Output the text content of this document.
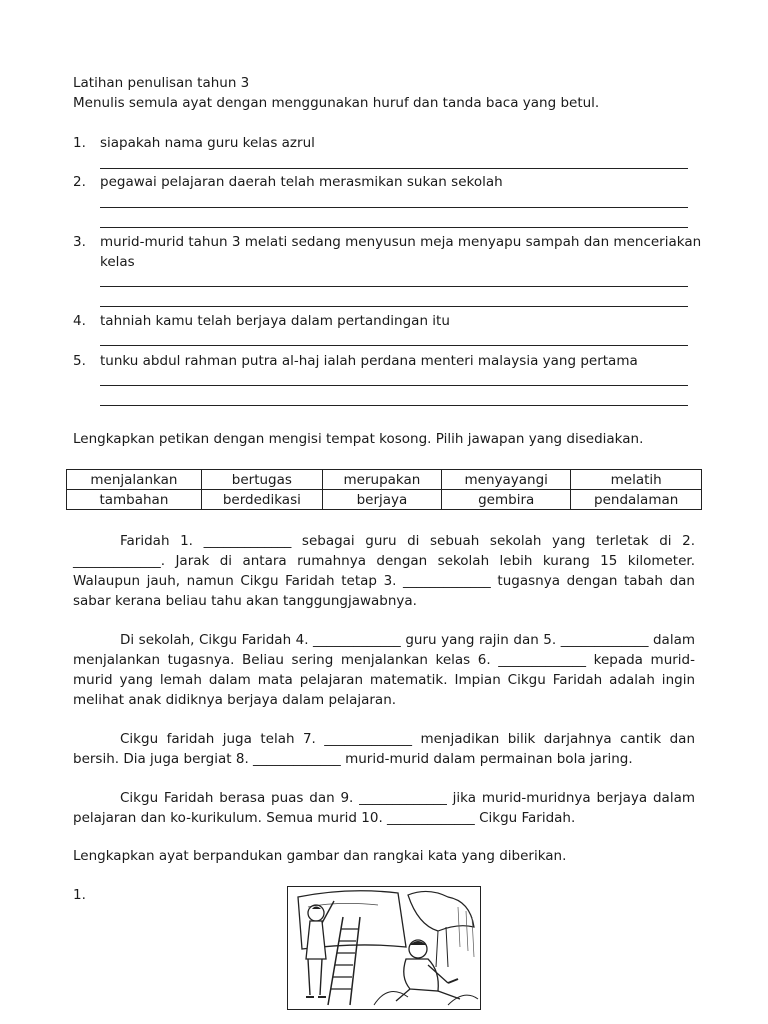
Latihan penulisan tahun 3
Menulis semula ayat dengan menggunakan huruf dan tanda baca yang betul.
1. siapakah nama guru kelas azrul
2. pegawai pelajaran daerah telah merasmikan sukan sekolah
3. murid-murid tahun 3 melati sedang menyusun meja menyapu sampah dan menceriakan
kelas
4. tahniah kamu telah berjaya dalam pertandingan itu
5. tunku abdul rahman putra al-haj ialah perdana menteri malaysia yang pertama
Lengkapkan petikan dengan mengisi tempat kosong. Pilih jawapan yang disediakan.
menjalankan	bertugas	merupakan	menyayangi	melatih
tambahan	berdedikasi	berjaya	gembira	pendalaman

Faridah 1. _____________ sebagai guru di sebuah sekolah yang terletak di 2. _____________. Jarak di antara rumahnya dengan sekolah lebih kurang 15 kilometer. Walaupun jauh, namun Cikgu Faridah tetap 3. _____________ tugasnya dengan tabah dan sabar kerana beliau tahu akan tanggungjawabnya.

Di sekolah, Cikgu Faridah 4. _____________ guru yang rajin dan 5. _____________ dalam menjalankan tugasnya. Beliau sering menjalankan kelas 6. _____________ kepada murid-murid yang lemah dalam mata pelajaran matematik. Impian Cikgu Faridah adalah ingin melihat anak didiknya berjaya dalam pelajaran.

Cikgu faridah juga telah 7. _____________ menjadikan bilik darjahnya cantik dan bersih. Dia juga bergiat 8. _____________ murid-murid dalam permainan bola jaring.

Cikgu Faridah berasa puas dan 9. _____________ jika murid-muridnya berjaya dalam pelajaran dan ko-kurikulum. Semua murid 10. _____________ Cikgu Faridah.

Lengkapkan ayat berpandukan gambar dan rangkai kata yang diberikan.
1.
